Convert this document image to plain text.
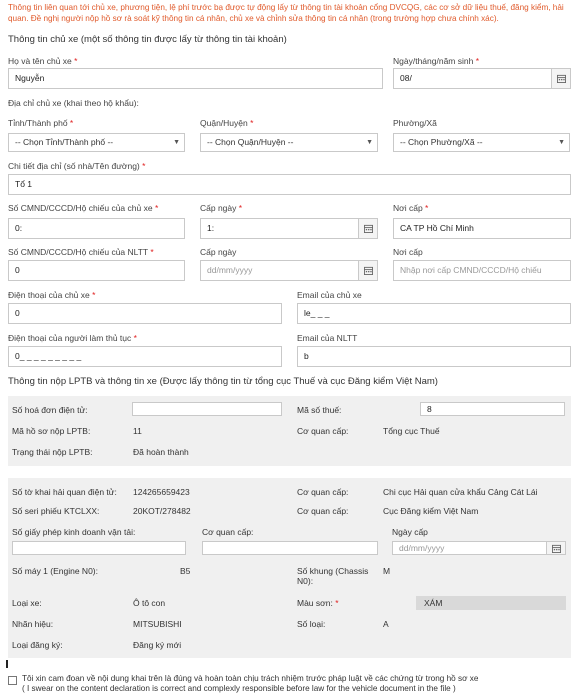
Thông tin liên quan tới chủ xe, phương tiện, lệ phí trước bạ được tự động lấy từ thông tin tài khoản cổng DVCQG, các cơ sở dữ liệu thuế, đăng kiểm, hải quan. Đề nghị người nộp hồ sơ rà soát kỹ thông tin cá nhân, chủ xe và chỉnh sửa thông tin cá nhân (trong trường hợp chưa chính xác).
Thông tin chủ xe (một số thông tin được lấy từ thông tin tài khoản)
Họ và tên chủ xe *
Nguyễn
Ngày/tháng/năm sinh *
08/
Địa chỉ chủ xe (khai theo hộ khẩu):
Tỉnh/Thành phố *
-- Chọn Tỉnh/Thành phố --	▼
Quận/Huyện *
-- Chọn Quận/Huyện --	▼
Phường/Xã
-- Chọn Phường/Xã --	▼
Chi tiết địa chỉ (số nhà/Tên đường) *
Tổ 1
Số CMND/CCCD/Hộ chiếu của chủ xe *
0:
Cấp ngày *
1:
Nơi cấp *
CA TP Hồ Chí Minh
Số CMND/CCCD/Hộ chiếu của NLTT *
0
Cấp ngày
dd/mm/yyyy
Nơi cấp
Nhập nơi cấp CMND/CCCD/Hộ chiếu
Điện thoại của chủ xe *
0
Email của chủ xe
le_ _ _
Điện thoại của người làm thủ tục *
0_ _ _ _ _ _ _ _ _
Email của NLTT
b
Thông tin nộp LPTB và thông tin xe (Được lấy thông tin từ tổng cục Thuế và cục Đăng kiểm Việt Nam)
Số hoá đơn điện tử:	Mã số thuế:	8
Mã hồ sơ nộp LPTB:	11	Cơ quan cấp:	Tổng cục Thuế
Trạng thái nộp LPTB:	Đã hoàn thành
Số tờ khai hải quan điện tử: 124265659423	Cơ quan cấp:	Chi cục Hải quan cửa khẩu Cảng Cát Lái
Số seri phiếu KTCLXX:	20KOT/278482	Cơ quan cấp:	Cục Đăng kiểm Việt Nam
Số giấy phép kinh doanh vận tải:	Cơ quan cấp:	Ngày cấp
dd/mm/yyyy
Số máy 1 (Engine N0):	B5	Số khung (Chassis
N0):
M
Loại xe:	Ô tô con	Màu sơn: *	XÁM
Nhãn hiệu:	MITSUBISHI	Số loại:	A
Loại đăng ký:	Đăng ký mới
Tôi xin cam đoan về nội dung khai trên là đúng và hoàn toàn chịu trách nhiệm trước pháp luật về các chứng từ trong hồ sơ xe
( I swear on the content declaration is correct and complexly responsible before law for the vehicle document in the file )
